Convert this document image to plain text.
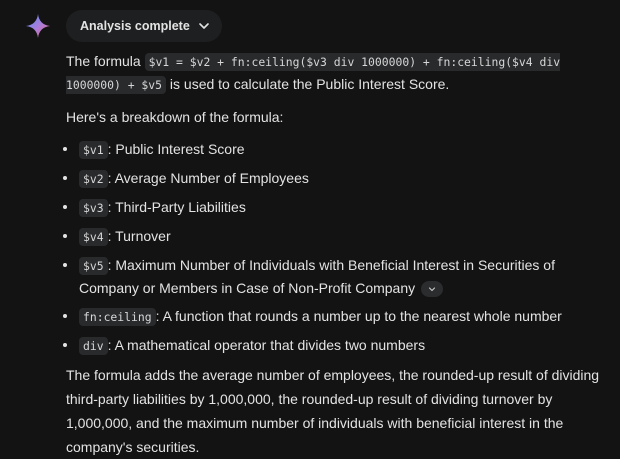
Analysis complete

The formula $v1 = $v2 + fn:ceiling($v3 div 1000000) + fn:ceiling($v4 div 1000000) + $v5 is used to calculate the Public Interest Score.

Here's a breakdown of the formula:

$v1 : Public Interest Score
$v2 : Average Number of Employees
$v3 : Third-Party Liabilities
$v4 : Turnover
$v5 : Maximum Number of Individuals with Beneficial Interest in Securities of Company or Members in Case of Non-Profit Company
fn:ceiling : A function that rounds a number up to the nearest whole number
div : A mathematical operator that divides two numbers

The formula adds the average number of employees, the rounded-up result of dividing third-party liabilities by 1,000,000, the rounded-up result of dividing turnover by 1,000,000, and the maximum number of individuals with beneficial interest in the company's securities.
